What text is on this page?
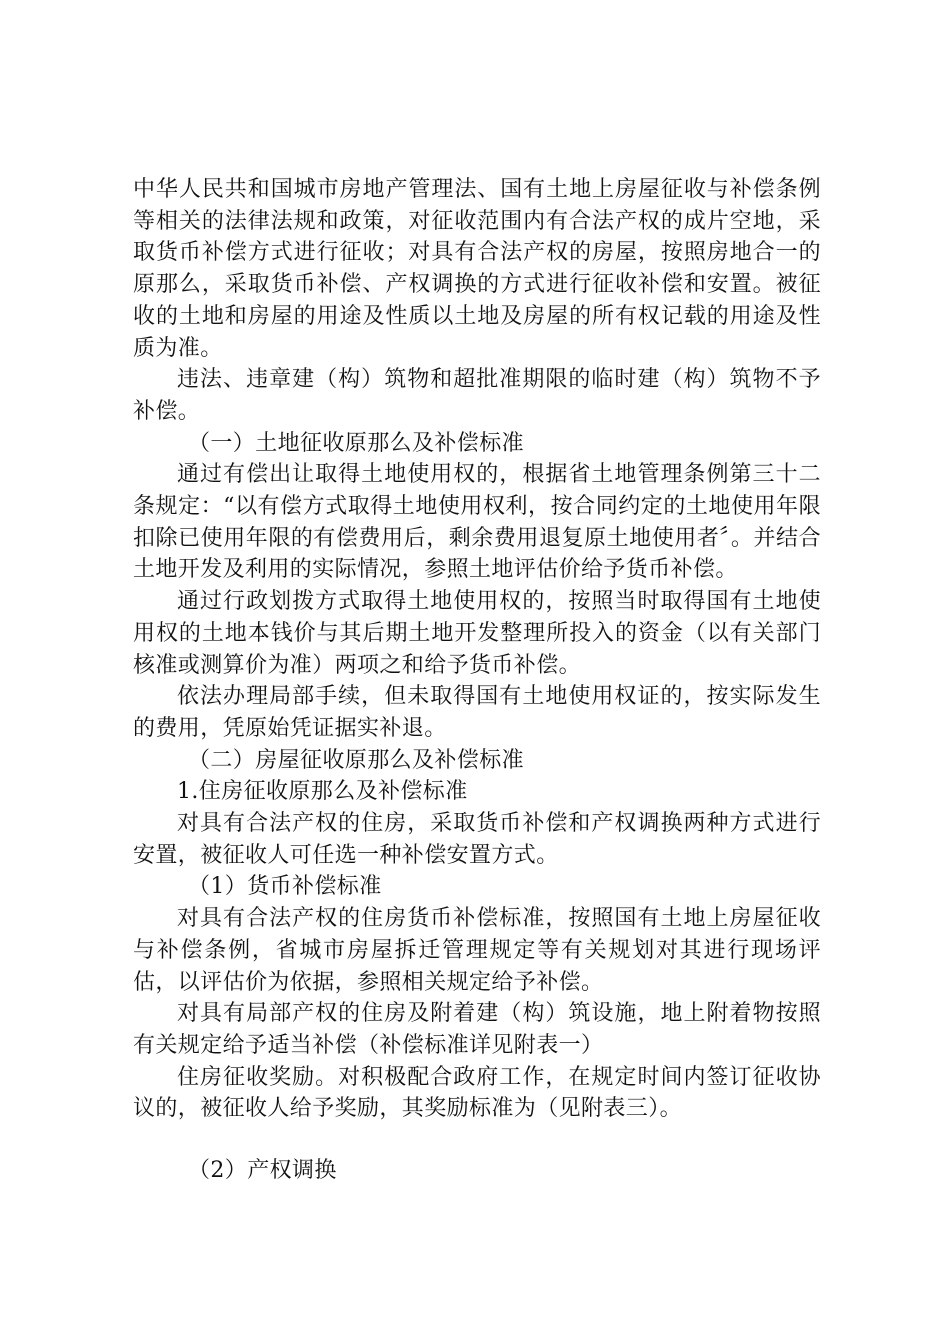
中华人民共和国城市房地产管理法、国有土地上房屋征收与补偿条例等相关的法律法规和政策，对征收范围内有合法产权的成片空地，采取货币补偿方式进行征收；对具有合法产权的房屋，按照房地合一的原那么，采取货币补偿、产权调换的方式进行征收补偿和安置。被征收的土地和房屋的用途及性质以土地及房屋的所有权记载的用途及性质为准。

违法、违章建（构）筑物和超批准期限的临时建（构）筑物不予补偿。

（一）土地征收原那么及补偿标准

通过有偿出让取得土地使用权的，根据省土地管理条例第三十二条规定：“以有偿方式取得土地使用权利，按合同约定的土地使用年限扣除已使用年限的有偿费用后，剩余费用退复原土地使用者〞。并结合土地开发及利用的实际情况，参照土地评估价给予货币补偿。

通过行政划拨方式取得土地使用权的，按照当时取得国有土地使用权的土地本钱价与其后期土地开发整理所投入的资金（以有关部门核准或测算价为准）两项之和给予货币补偿。

依法办理局部手续，但未取得国有土地使用权证的，按实际发生的费用，凭原始凭证据实补退。

（二）房屋征收原那么及补偿标准

1.住房征收原那么及补偿标准

对具有合法产权的住房，采取货币补偿和产权调换两种方式进行安置，被征收人可任选一种补偿安置方式。

（1）货币补偿标准

对具有合法产权的住房货币补偿标准，按照国有土地上房屋征收与补偿条例，省城市房屋拆迁管理规定等有关规划对其进行现场评估，以评估价为依据，参照相关规定给予补偿。

对具有局部产权的住房及附着建（构）筑设施，地上附着物按照有关规定给予适当补偿（补偿标准详见附表一）

住房征收奖励。对积极配合政府工作，在规定时间内签订征收协议的，被征收人给予奖励，其奖励标准为（见附表三）。

（2）产权调换
